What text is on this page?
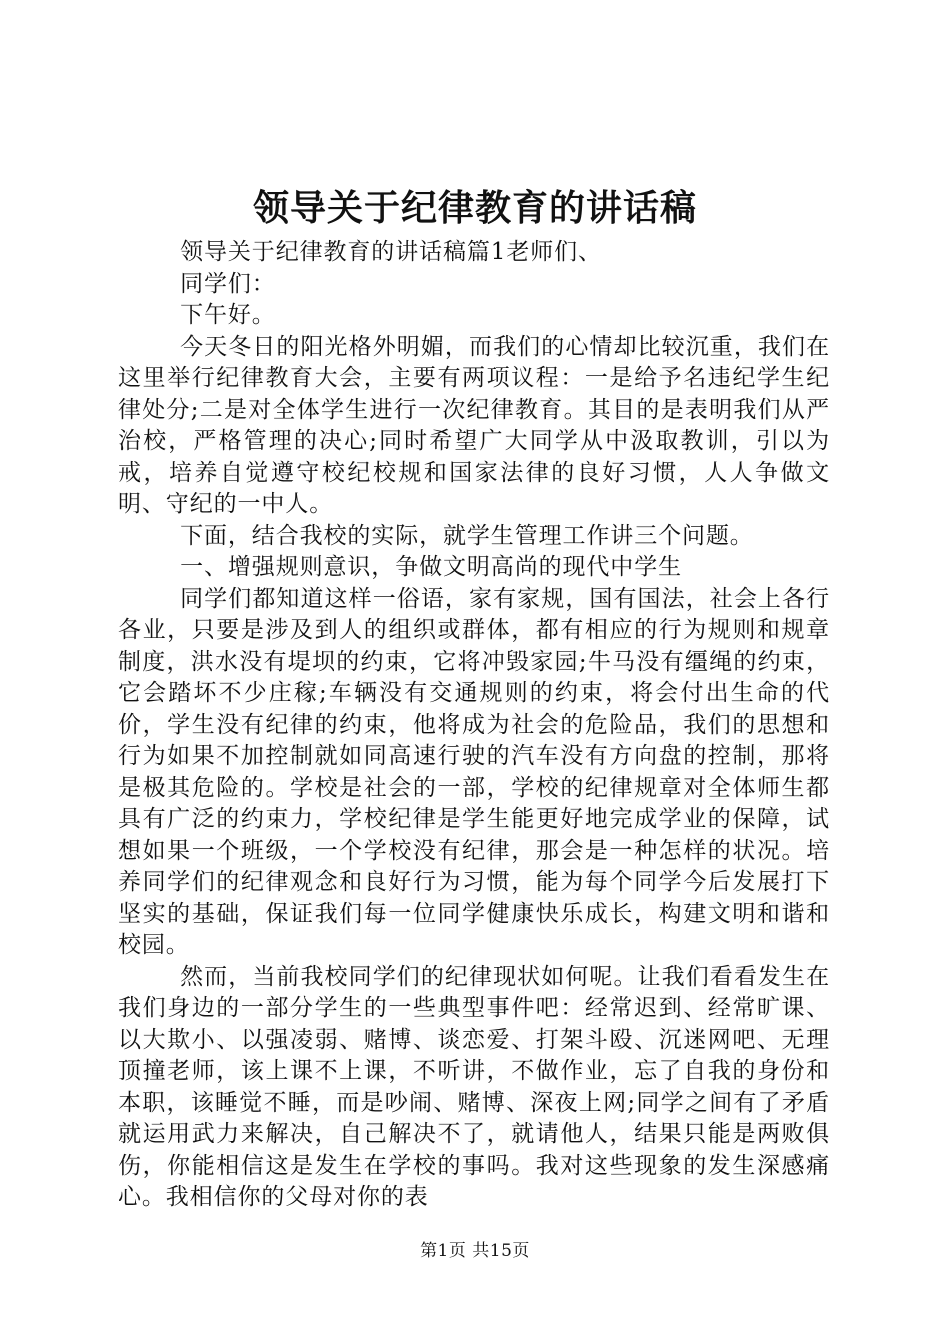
领导关于纪律教育的讲话稿

领导关于纪律教育的讲话稿篇1老师们、

同学们：

下午好。

今天冬日的阳光格外明媚，而我们的心情却比较沉重，我们在这里举行纪律教育大会，主要有两项议程：一是给予名违纪学生纪律处分;二是对全体学生进行一次纪律教育。其目的是表明我们从严治校，严格管理的决心;同时希望广大同学从中汲取教训，引以为戒，培养自觉遵守校纪校规和国家法律的良好习惯，人人争做文明、守纪的一中人。

下面，结合我校的实际，就学生管理工作讲三个问题。

一、增强规则意识，争做文明高尚的现代中学生

同学们都知道这样一俗语，家有家规，国有国法，社会上各行各业，只要是涉及到人的组织或群体，都有相应的行为规则和规章制度，洪水没有堤坝的约束，它将冲毁家园;牛马没有缰绳的约束，它会踏坏不少庄稼;车辆没有交通规则的约束，将会付出生命的代价，学生没有纪律的约束，他将成为社会的危险品，我们的思想和行为如果不加控制就如同高速行驶的汽车没有方向盘的控制，那将是极其危险的。学校是社会的一部，学校的纪律规章对全体师生都具有广泛的约束力，学校纪律是学生能更好地完成学业的保障，试想如果一个班级，一个学校没有纪律，那会是一种怎样的状况。培养同学们的纪律观念和良好行为习惯，能为每个同学今后发展打下坚实的基础，保证我们每一位同学健康快乐成长，构建文明和谐和校园。

然而，当前我校同学们的纪律现状如何呢。让我们看看发生在我们身边的一部分学生的一些典型事件吧：经常迟到、经常旷课、以大欺小、以强凌弱、赌博、谈恋爱、打架斗殴、沉迷网吧、无理顶撞老师，该上课不上课，不听讲，不做作业，忘了自我的身份和本职，该睡觉不睡，而是吵闹、赌博、深夜上网;同学之间有了矛盾就运用武力来解决，自己解决不了，就请他人，结果只能是两败俱伤，你能相信这是发生在学校的事吗。我对这些现象的发生深感痛心。我相信你的父母对你的表

第1页 共15页
